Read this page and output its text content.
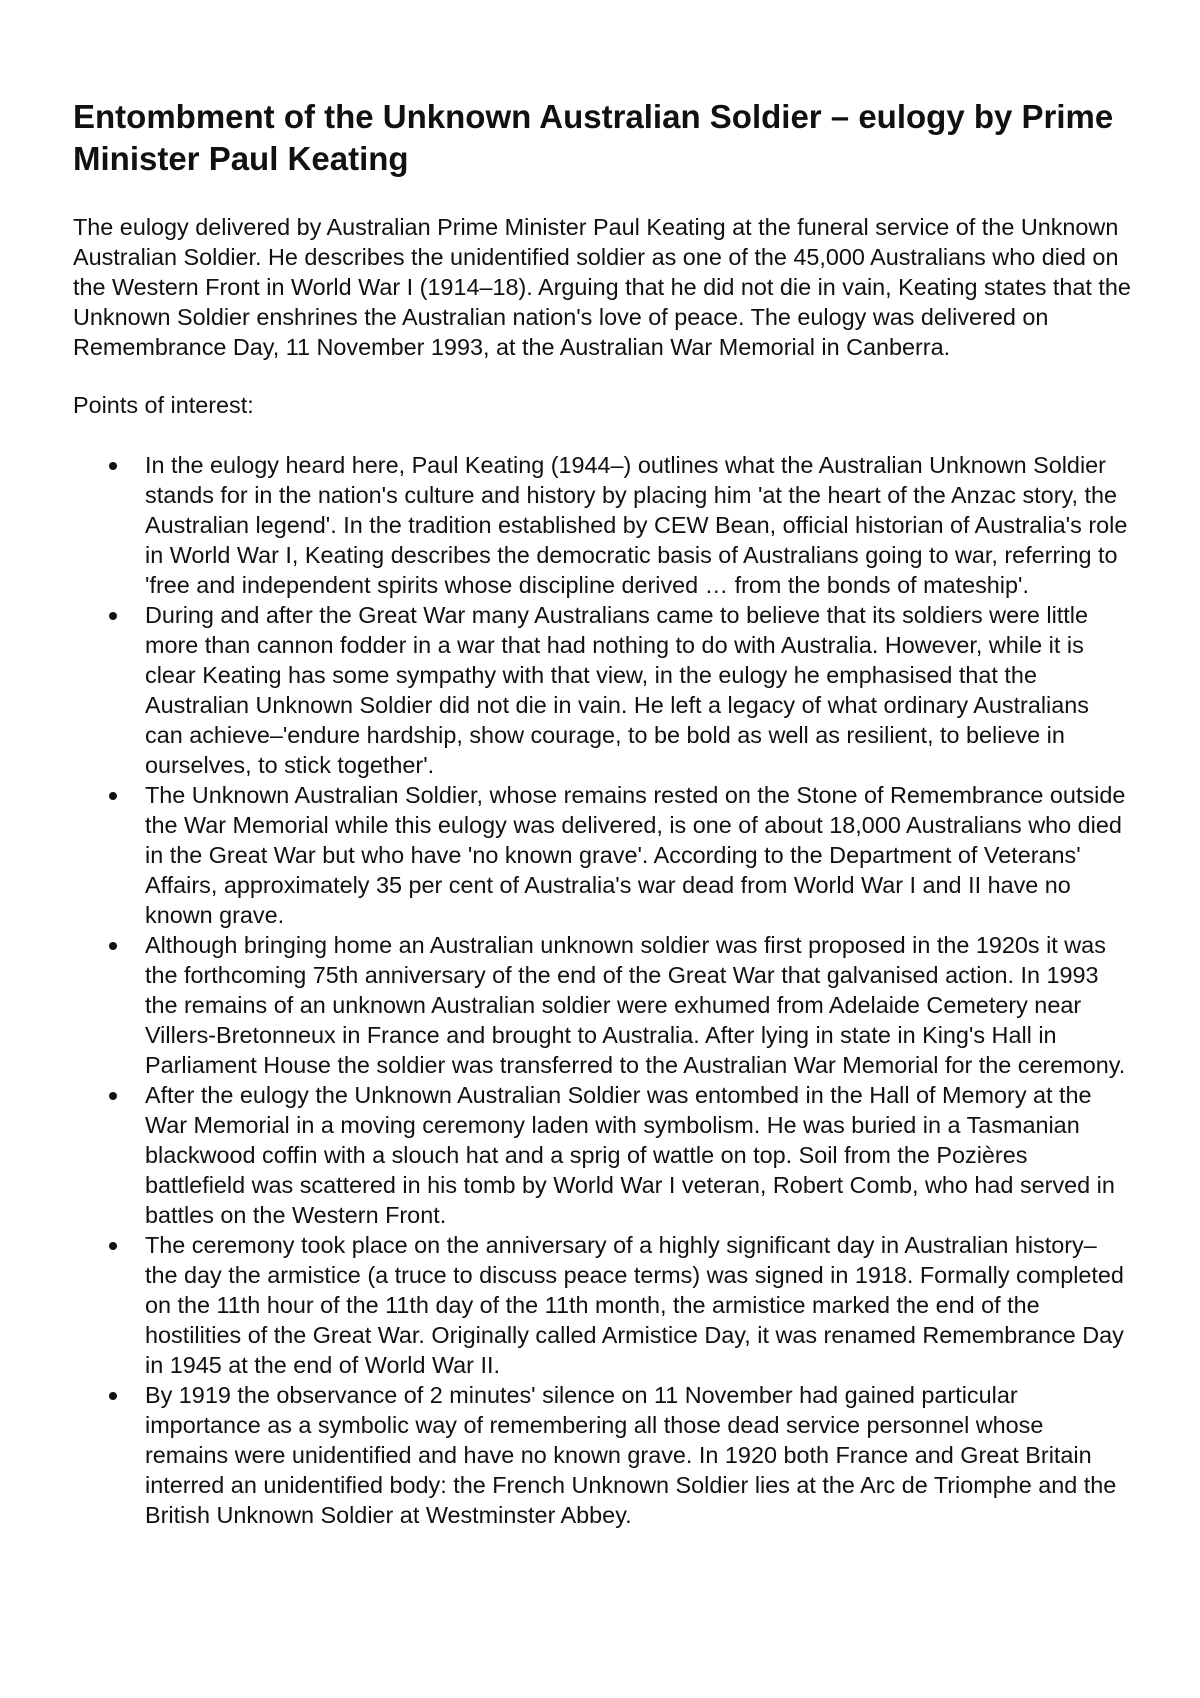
Entombment of the Unknown Australian Soldier – eulogy by Prime Minister Paul Keating

The eulogy delivered by Australian Prime Minister Paul Keating at the funeral service of the Unknown Australian Soldier. He describes the unidentified soldier as one of the 45,000 Australians who died on the Western Front in World War I (1914–18). Arguing that he did not die in vain, Keating states that the Unknown Soldier enshrines the Australian nation's love of peace. The eulogy was delivered on Remembrance Day, 11 November 1993, at the Australian War Memorial in Canberra.

Points of interest:

In the eulogy heard here, Paul Keating (1944–) outlines what the Australian Unknown Soldier stands for in the nation's culture and history by placing him 'at the heart of the Anzac story, the Australian legend'. In the tradition established by CEW Bean, official historian of Australia's role in World War I, Keating describes the democratic basis of Australians going to war, referring to 'free and independent spirits whose discipline derived … from the bonds of mateship'.
During and after the Great War many Australians came to believe that its soldiers were little more than cannon fodder in a war that had nothing to do with Australia. However, while it is clear Keating has some sympathy with that view, in the eulogy he emphasised that the Australian Unknown Soldier did not die in vain. He left a legacy of what ordinary Australians can achieve–'endure hardship, show courage, to be bold as well as resilient, to believe in ourselves, to stick together'.
The Unknown Australian Soldier, whose remains rested on the Stone of Remembrance outside the War Memorial while this eulogy was delivered, is one of about 18,000 Australians who died in the Great War but who have 'no known grave'. According to the Department of Veterans' Affairs, approximately 35 per cent of Australia's war dead from World War I and II have no known grave.
Although bringing home an Australian unknown soldier was first proposed in the 1920s it was the forthcoming 75th anniversary of the end of the Great War that galvanised action. In 1993 the remains of an unknown Australian soldier were exhumed from Adelaide Cemetery near Villers-Bretonneux in France and brought to Australia. After lying in state in King's Hall in Parliament House the soldier was transferred to the Australian War Memorial for the ceremony.
After the eulogy the Unknown Australian Soldier was entombed in the Hall of Memory at the War Memorial in a moving ceremony laden with symbolism. He was buried in a Tasmanian blackwood coffin with a slouch hat and a sprig of wattle on top. Soil from the Pozières battlefield was scattered in his tomb by World War I veteran, Robert Comb, who had served in battles on the Western Front.
The ceremony took place on the anniversary of a highly significant day in Australian history– the day the armistice (a truce to discuss peace terms) was signed in 1918. Formally completed on the 11th hour of the 11th day of the 11th month, the armistice marked the end of the hostilities of the Great War. Originally called Armistice Day, it was renamed Remembrance Day in 1945 at the end of World War II.
By 1919 the observance of 2 minutes' silence on 11 November had gained particular importance as a symbolic way of remembering all those dead service personnel whose remains were unidentified and have no known grave. In 1920 both France and Great Britain interred an unidentified body: the French Unknown Soldier lies at the Arc de Triomphe and the British Unknown Soldier at Westminster Abbey.
